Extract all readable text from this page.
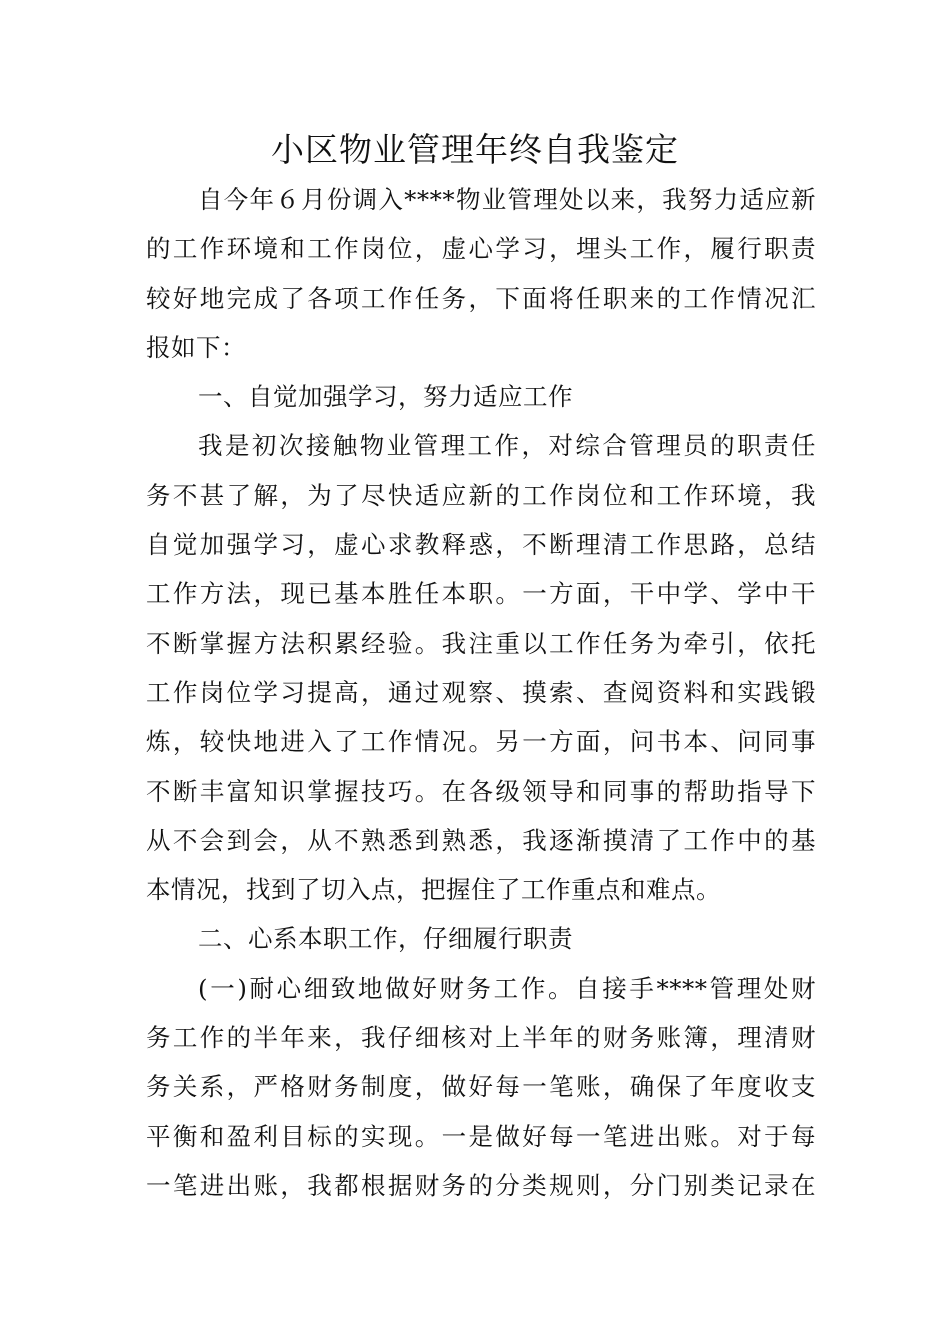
小区物业管理年终自我鉴定
自今年６月份调入****物业管理处以来，我努力适应新
的工作环境和工作岗位，虚心学习，埋头工作，履行职责
较好地完成了各项工作任务，下面将任职来的工作情况汇
报如下：
一、自觉加强学习，努力适应工作
我是初次接触物业管理工作，对综合管理员的职责任
务不甚了解，为了尽快适应新的工作岗位和工作环境，我
自觉加强学习，虚心求教释惑，不断理清工作思路，总结
工作方法，现已基本胜任本职。一方面，干中学、学中干
不断掌握方法积累经验。我注重以工作任务为牵引，依托
工作岗位学习提高，通过观察、摸索、查阅资料和实践锻
炼，较快地进入了工作情况。另一方面，问书本、问同事
不断丰富知识掌握技巧。在各级领导和同事的帮助指导下
从不会到会，从不熟悉到熟悉，我逐渐摸清了工作中的基
本情况，找到了切入点，把握住了工作重点和难点。
二、心系本职工作，仔细履行职责
(一)耐心细致地做好财务工作。自接手****管理处财
务工作的半年来，我仔细核对上半年的财务账簿，理清财
务关系，严格财务制度，做好每一笔账，确保了年度收支
平衡和盈利目标的实现。一是做好每一笔进出账。对于每
一笔进出账，我都根据财务的分类规则，分门别类记录在
